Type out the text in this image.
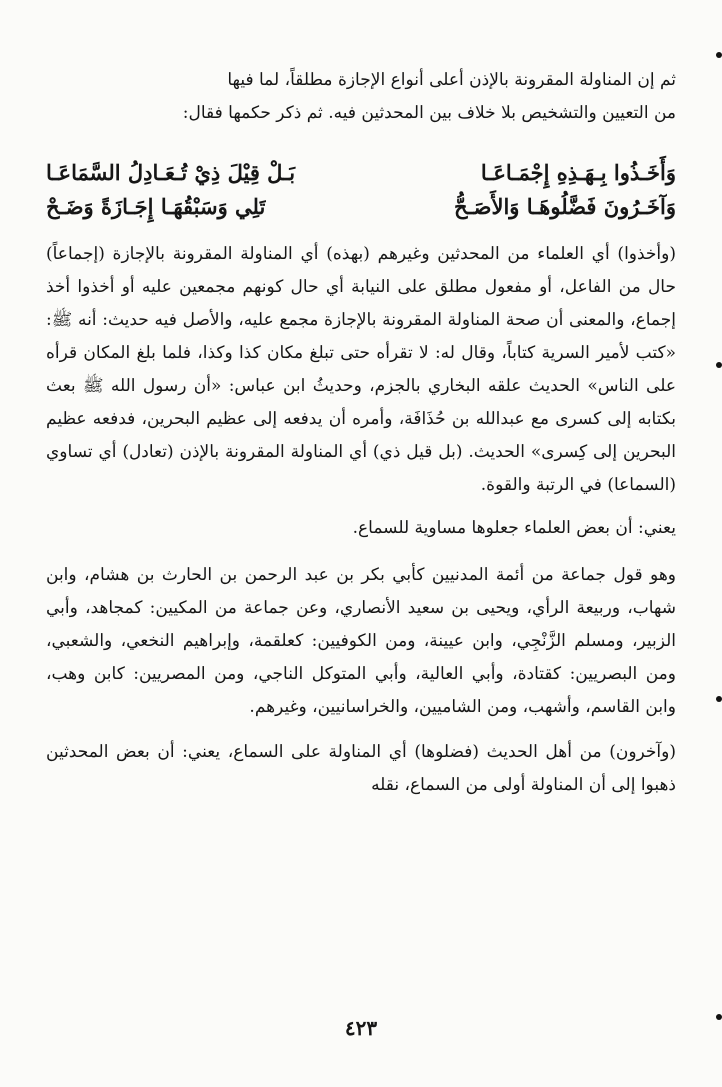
ثم إن المناولة المقرونة بالإذن أعلى أنواع الإجازة مطلقاً، لما فيها
من التعيين والتشخيص بلا خلاف بين المحدثين فيه. ثم ذكر حكمها فقال:
وَأَخَـذُوا بِـهَـذِهِ إِجْمَـاعَـا
بَـلْ قِيْلَ ذِيْ تُـعَـادِلُ السَّمَاعَـا
وَآخَـرُونَ فَضَّلُوهَـا وَالأَصَـحُّ
تَلِي وَسَبْقُهَـا إِجَـازَةً وَضَـحْ

(وأخذوا) أي العلماء من المحدثين وغيرهم (بهذه) أي المناولة المقرونة بالإجازة (إجماعاً) حال من الفاعل، أو مفعول مطلق على النيابة أي حال كونهم مجمعين عليه أو أخذوا أخذ إجماع، والمعنى أن صحة المناولة المقرونة بالإجازة مجمع عليه، والأصل فيه حديث: أنه ﷺ: «كتب لأمير السرية كتاباً، وقال له: لا تقرأه حتى تبلغ مكان كذا وكذا، فلما بلغ المكان قرأه على الناس» الحديث علقه البخاري بالجزم، وحديثُ ابن عباس: «أن رسول الله ﷺ بعث بكتابه إلى كسرى مع عبدالله بن حُذَافَة، وأمره أن يدفعه إلى عظيم البحرين، فدفعه عظيم البحرين إلى كِسرى» الحديث. (بل قيل ذي) أي المناولة المقرونة بالإذن (تعادل) أي تساوي (السماعا) في الرتبة والقوة.

يعني: أن بعض العلماء جعلوها مساوية للسماع.

وهو قول جماعة من أئمة المدنيين كأبي بكر بن عبد الرحمن بن الحارث بن هشام، وابن شهاب، وربيعة الرأي، ويحيى بن سعيد الأنصاري، وعن جماعة من المكيين: كمجاهد، وأبي الزبير، ومسلم الزَّنْجِي، وابن عيينة، ومن الكوفيين: كعلقمة، وإبراهيم النخعي، والشعبي، ومن البصريين: كقتادة، وأبي العالية، وأبي المتوكل الناجي، ومن المصريين: كابن وهب، وابن القاسم، وأشهب، ومن الشاميين، والخراسانيين، وغيرهم.

(وآخرون) من أهل الحديث (فضلوها) أي المناولة على السماع، يعني: أن بعض المحدثين ذهبوا إلى أن المناولة أولى من السماع، نقله

٤٢٣
